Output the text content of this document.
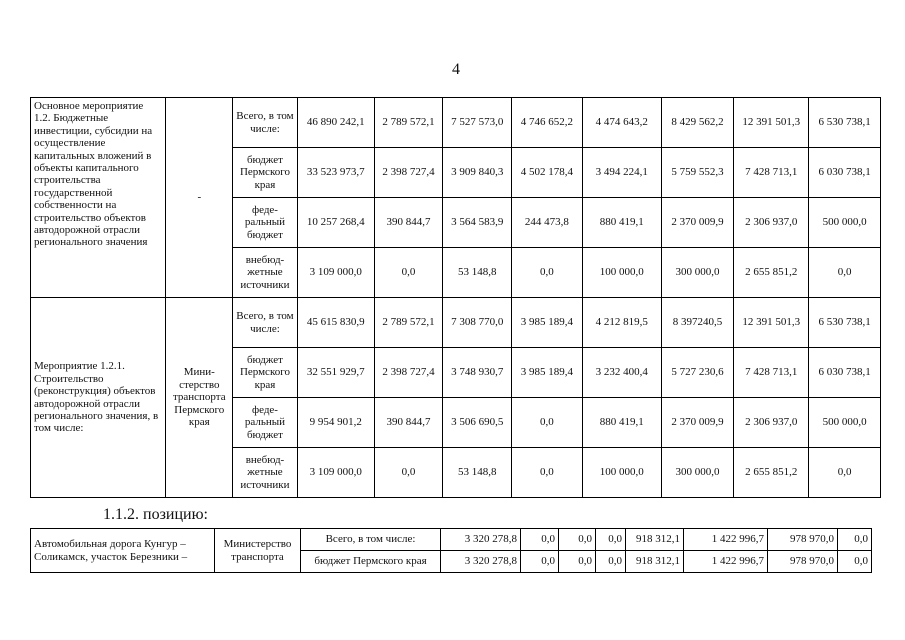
4
Основное мероприятие 1.2. Бюджетные инвестиции, субсидии на осуществление капитальных вложений в объекты капитального строительства государственной собственности на строительство объектов автодорожной отрасли регионального значения	-	Всего, в том числе:	46 890 242,1	2 789 572,1	7 527 573,0	4 746 652,2	4 474 643,2	8 429 562,2	12 391 501,3	6 530 738,1
		бюджет Пермского края	33 523 973,7	2 398 727,4	3 909 840,3	4 502 178,4	3 494 224,1	5 759 552,3	7 428 713,1	6 030 738,1
		феде-ральный бюджет	10 257 268,4	390 844,7	3 564 583,9	244 473,8	880 419,1	2 370 009,9	2 306 937,0	500 000,0
		внебюд-жетные источники	3 109 000,0	0,0	53 148,8	0,0	100 000,0	300 000,0	2 655 851,2	0,0
Мероприятие 1.2.1. Строительство (реконструкция) объектов автодорожной отрасли регионального значения, в том числе:	Мини-стерство транспорта Пермского края	Всего, в том числе:	45 615 830,9	2 789 572,1	7 308 770,0	3 985 189,4	4 212 819,5	8 397240,5	12 391 501,3	6 530 738,1
		бюджет Пермского края	32 551 929,7	2 398 727,4	3 748 930,7	3 985 189,4	3 232 400,4	5 727 230,6	7 428 713,1	6 030 738,1
		феде-ральный бюджет	9 954 901,2	390 844,7	3 506 690,5	0,0	880 419,1	2 370 009,9	2 306 937,0	500 000,0
		внебюд-жетные источники	3 109 000,0	0,0	53 148,8	0,0	100 000,0	300 000,0	2 655 851,2	0,0
1.1.2. позицию:
Автомобильная дорога Кунгур – Соликамск, участок Березники –	Министерство транспорта	Всего, в том числе:	3 320 278,8	0,0	0,0	0,0	918 312,1	1 422 996,7	978 970,0	0,0
		бюджет Пермского края	3 320 278,8	0,0	0,0	0,0	918 312,1	1 422 996,7	978 970,0	0,0
